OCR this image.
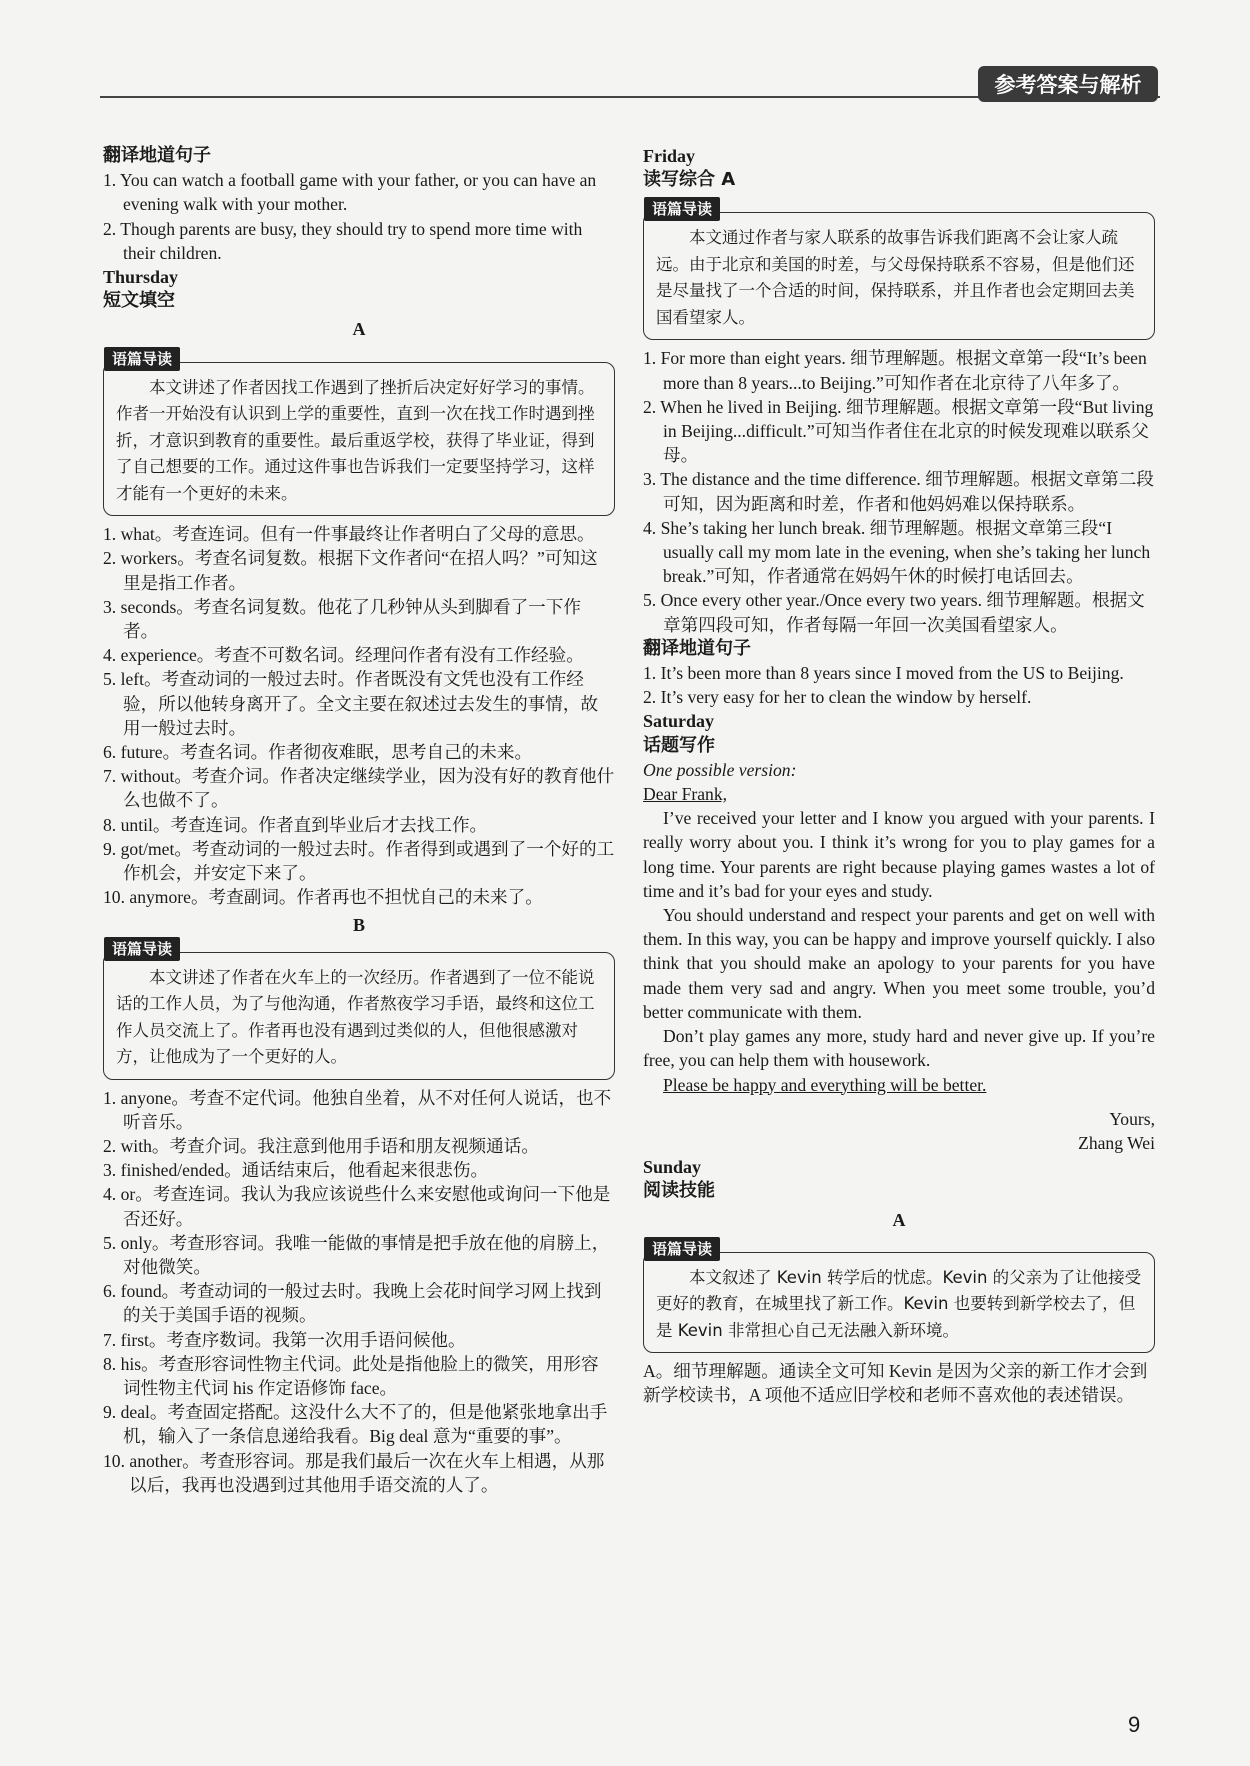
参考答案与解析
翻译地道句子
1. You can watch a football game with your father, or you can have an evening walk with your mother.
2. Though parents are busy, they should try to spend more time with their children.
Thursday
短文填空
A
语篇导读
本文讲述了作者因找工作遇到了挫折后决定好好学习的事情。作者一开始没有认识到上学的重要性，直到一次在找工作时遇到挫折，才意识到教育的重要性。最后重返学校，获得了毕业证，得到了自己想要的工作。通过这件事也告诉我们一定要坚持学习，这样才能有一个更好的未来。
1. what。考查连词。但有一件事最终让作者明白了父母的意思。
2. workers。考查名词复数。根据下文作者问“在招人吗？”可知这里是指工作者。
3. seconds。考查名词复数。他花了几秒钟从头到脚看了一下作者。
4. experience。考查不可数名词。经理问作者有没有工作经验。
5. left。考查动词的一般过去时。作者既没有文凭也没有工作经验，所以他转身离开了。全文主要在叙述过去发生的事情，故用一般过去时。
6. future。考查名词。作者彻夜难眠，思考自己的未来。
7. without。考查介词。作者决定继续学业，因为没有好的教育他什么也做不了。
8. until。考查连词。作者直到毕业后才去找工作。
9. got/met。考查动词的一般过去时。作者得到或遇到了一个好的工作机会，并安定下来了。
10. anymore。考查副词。作者再也不担忧自己的未来了。
B
语篇导读
本文讲述了作者在火车上的一次经历。作者遇到了一位不能说话的工作人员，为了与他沟通，作者熬夜学习手语，最终和这位工作人员交流上了。作者再也没有遇到过类似的人，但他很感激对方，让他成为了一个更好的人。
1. anyone。考查不定代词。他独自坐着，从不对任何人说话，也不听音乐。
2. with。考查介词。我注意到他用手语和朋友视频通话。
3. finished/ended。通话结束后，他看起来很悲伤。
4. or。考查连词。我认为我应该说些什么来安慰他或询问一下他是否还好。
5. only。考查形容词。我唯一能做的事情是把手放在他的肩膀上，对他微笑。
6. found。考查动词的一般过去时。我晚上会花时间学习网上找到的关于美国手语的视频。
7. first。考查序数词。我第一次用手语问候他。
8. his。考查形容词性物主代词。此处是指他脸上的微笑，用形容词性物主代词 his 作定语修饰 face。
9. deal。考查固定搭配。这没什么大不了的，但是他紧张地拿出手机，输入了一条信息递给我看。Big deal 意为“重要的事”。
10. another。考查形容词。那是我们最后一次在火车上相遇，从那以后，我再也没遇到过其他用手语交流的人了。
Friday
读写综合 A
语篇导读
本文通过作者与家人联系的故事告诉我们距离不会让家人疏远。由于北京和美国的时差，与父母保持联系不容易，但是他们还是尽量找了一个合适的时间，保持联系，并且作者也会定期回去美国看望家人。
1. For more than eight years. 细节理解题。根据文章第一段“It’s been more than 8 years...to Beijing.”可知作者在北京待了八年多了。
2. When he lived in Beijing. 细节理解题。根据文章第一段“But living in Beijing...difficult.”可知当作者住在北京的时候发现难以联系父母。
3. The distance and the time difference. 细节理解题。根据文章第二段可知，因为距离和时差，作者和他妈妈难以保持联系。
4. She’s taking her lunch break. 细节理解题。根据文章第三段“I usually call my mom late in the evening, when she’s taking her lunch break.”可知，作者通常在妈妈午休的时候打电话回去。
5. Once every other year./Once every two years. 细节理解题。根据文章第四段可知，作者每隔一年回一次美国看望家人。
翻译地道句子
1. It’s been more than 8 years since I moved from the US to Beijing.
2. It’s very easy for her to clean the window by herself.
Saturday
话题写作
One possible version:
Dear Frank,

I’ve received your letter and I know you argued with your parents. I really worry about you. I think it’s wrong for you to play games for a long time. Your parents are right because playing games wastes a lot of time and it’s bad for your eyes and study.

You should understand and respect your parents and get on well with them. In this way, you can be happy and improve yourself quickly. I also think that you should make an apology to your parents for you have made them very sad and angry. When you meet some trouble, you’d better communicate with them.

Don’t play games any more, study hard and never give up. If you’re free, you can help them with housework.

Please be happy and everything will be better.

Yours,
Zhang Wei
Sunday
阅读技能
A
语篇导读
本文叙述了 Kevin 转学后的忧虑。Kevin 的父亲为了让他接受更好的教育，在城里找了新工作。Kevin 也要转到新学校去了，但是 Kevin 非常担心自己无法融入新环境。
A。细节理解题。通读全文可知 Kevin 是因为父亲的新工作才会到新学校读书，A 项他不适应旧学校和老师不喜欢他的表述错误。
9
